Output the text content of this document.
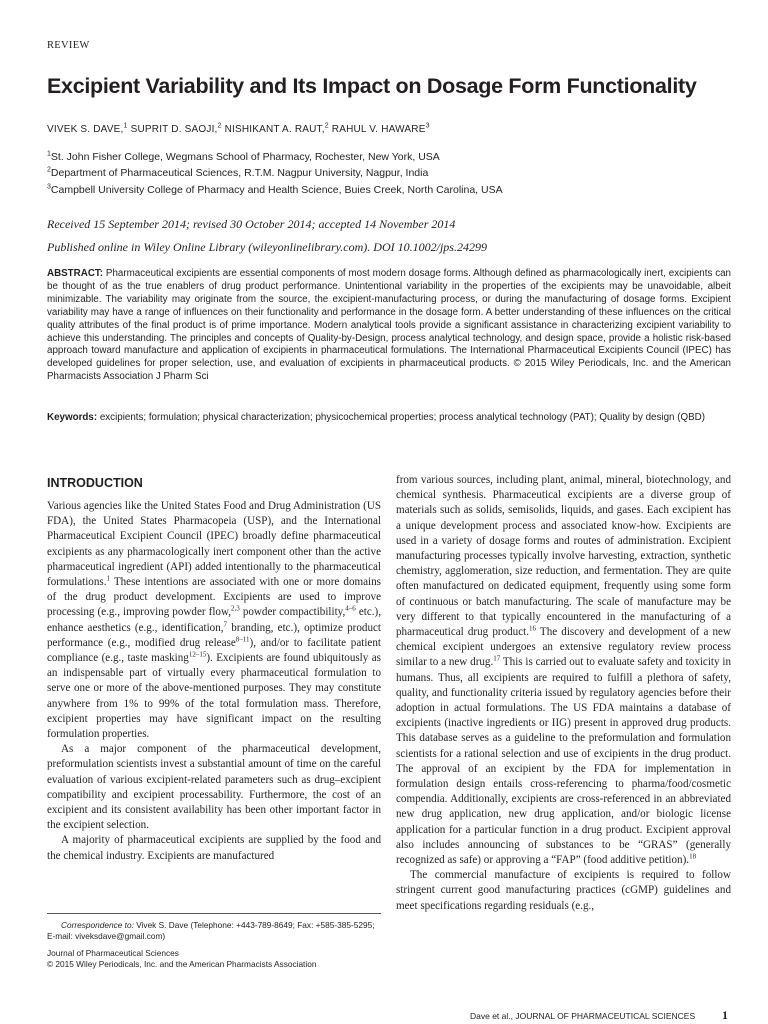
REVIEW
Excipient Variability and Its Impact on Dosage Form Functionality
VIVEK S. DAVE,$^1$ SUPRIT D. SAOJI,$^2$ NISHIKANT A. RAUT,$^2$ RAHUL V. HAWARE$^3$
$^1$St. John Fisher College, Wegmans School of Pharmacy, Rochester, New York, USA
$^2$Department of Pharmaceutical Sciences, R.T.M. Nagpur University, Nagpur, India
$^3$Campbell University College of Pharmacy and Health Science, Buies Creek, North Carolina, USA
Received 15 September 2014; revised 30 October 2014; accepted 14 November 2014
Published online in Wiley Online Library (wileyonlinelibrary.com). DOI 10.1002/jps.24299
ABSTRACT: Pharmaceutical excipients are essential components of most modern dosage forms. Although defined as pharmacologically inert, excipients can be thought of as the true enablers of drug product performance. Unintentional variability in the properties of the excipients may be unavoidable, albeit minimizable. The variability may originate from the source, the excipient-manufacturing process, or during the manufacturing of dosage forms. Excipient variability may have a range of influences on their functionality and performance in the dosage form. A better understanding of these influences on the critical quality attributes of the final product is of prime importance. Modern analytical tools provide a significant assistance in characterizing excipient variability to achieve this understanding. The principles and concepts of Quality-by-Design, process analytical technology, and design space, provide a holistic risk-based approach toward manufacture and application of excipients in pharmaceutical formulations. The International Pharmaceutical Excipients Council (IPEC) has developed guidelines for proper selection, use, and evaluation of excipients in pharmaceutical products. © 2015 Wiley Periodicals, Inc. and the American Pharmacists Association J Pharm Sci
Keywords: excipients; formulation; physical characterization; physicochemical properties; process analytical technology (PAT); Quality by design (QBD)
INTRODUCTION

Various agencies like the United States Food and Drug Administration (US FDA), the United States Pharmacopeia (USP), and the International Pharmaceutical Excipient Council (IPEC) broadly define pharmaceutical excipients as any pharmacologically inert component other than the active pharmaceutical ingredient (API) added intentionally to the pharmaceutical formulations.$^1$ These intentions are associated with one or more domains of the drug product development. Excipients are used to improve processing (e.g., improving powder flow,$^{2,3}$ powder compactibility,$^{4-6}$ etc.), enhance aesthetics (e.g., identification,$^7$ branding, etc.), optimize product performance (e.g., modified drug release$^{8-11}$), and/or to facilitate patient compliance (e.g., taste masking$^{12-15}$). Excipients are found ubiquitously as an indispensable part of virtually every pharmaceutical formulation to serve one or more of the above-mentioned purposes. They may constitute anywhere from 1% to 99% of the total formulation mass. Therefore, excipient properties may have significant impact on the resulting formulation properties.

As a major component of the pharmaceutical development, preformulation scientists invest a substantial amount of time on the careful evaluation of various excipient-related parameters such as drug–excipient compatibility and excipient processability. Furthermore, the cost of an excipient and its consistent availability has been other important factor in the excipient selection.

A majority of pharmaceutical excipients are supplied by the food and the chemical industry. Excipients are manufactured

from various sources, including plant, animal, mineral, biotechnology, and chemical synthesis. Pharmaceutical excipients are a diverse group of materials such as solids, semisolids, liquids, and gases. Each excipient has a unique development process and associated know-how. Excipients are used in a variety of dosage forms and routes of administration. Excipient manufacturing processes typically involve harvesting, extraction, synthetic chemistry, agglomeration, size reduction, and fermentation. They are quite often manufactured on dedicated equipment, frequently using some form of continuous or batch manufacturing. The scale of manufacture may be very different to that typically encountered in the manufacturing of a pharmaceutical drug product.$^{16}$ The discovery and development of a new chemical excipient undergoes an extensive regulatory review process similar to a new drug.$^{17}$ This is carried out to evaluate safety and toxicity in humans. Thus, all excipients are required to fulfill a plethora of safety, quality, and functionality criteria issued by regulatory agencies before their adoption in actual formulations. The US FDA maintains a database of excipients (inactive ingredients or IIG) present in approved drug products. This database serves as a guideline to the preformulation and formulation scientists for a rational selection and use of excipients in the drug product. The approval of an excipient by the FDA for implementation in formulation design entails cross-referencing to pharma/food/cosmetic compendia. Additionally, excipients are cross-referenced in an abbreviated new drug application, new drug application, and/or biologic license application for a particular function in a drug product. Excipient approval also includes announcing of substances to be “GRAS” (generally recognized as safe) or approving a “FAP” (food additive petition).$^{18}$

The commercial manufacture of excipients is required to follow stringent current good manufacturing practices (cGMP) guidelines and meet specifications regarding residuals (e.g.,

Correspondence to: Vivek S. Dave (Telephone: +443-789-8649; Fax: +585-385-5295; E-mail: viveksdave@gmail.com)
Journal of Pharmaceutical Sciences
© 2015 Wiley Periodicals, Inc. and the American Pharmacists Association
Dave et al., JOURNAL OF PHARMACEUTICAL SCIENCES 1
